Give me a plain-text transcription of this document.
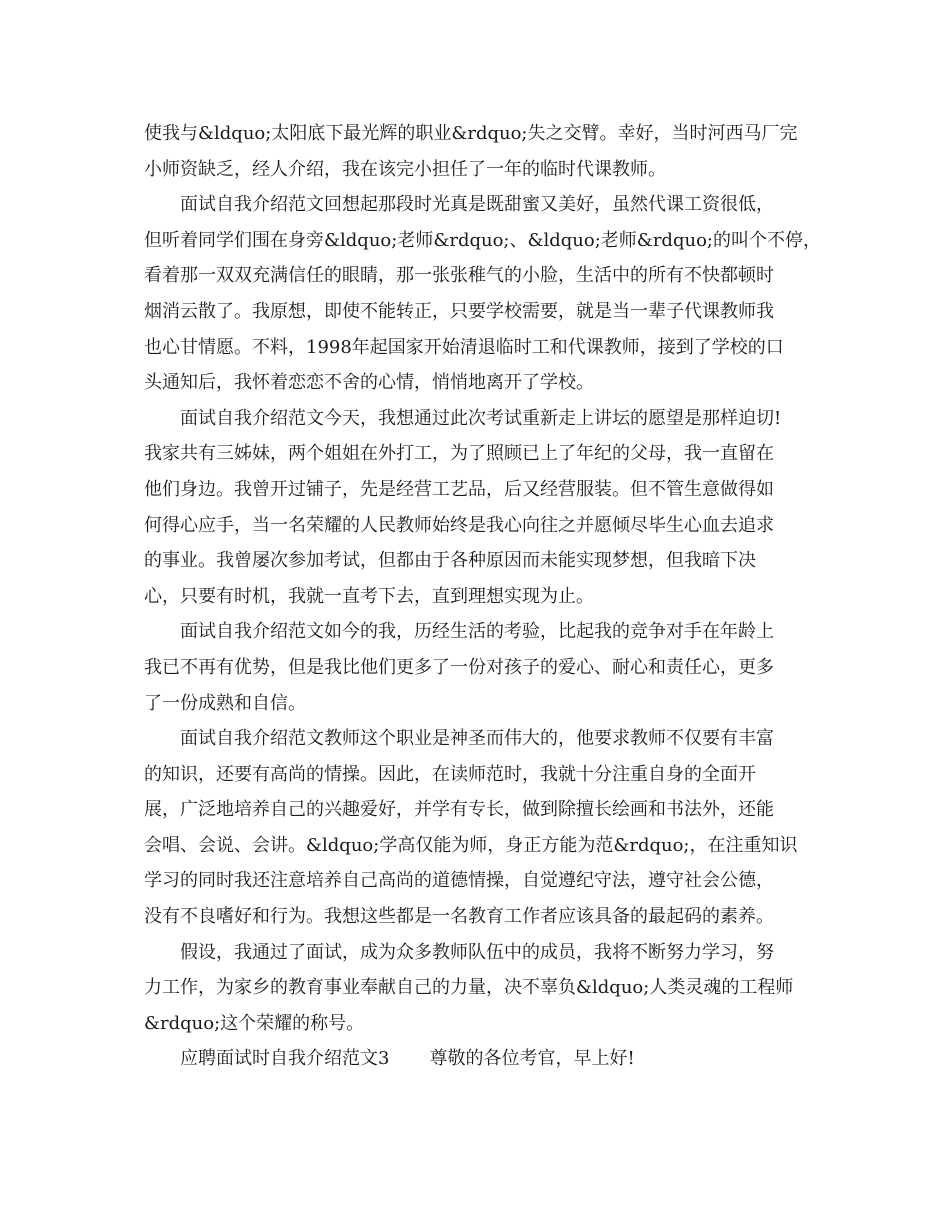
使我与&ldquo;太阳底下最光辉的职业&rdquo;失之交臂。幸好，当时河西马厂完
小师资缺乏，经人介绍，我在该完小担任了一年的临时代课教师。
面试自我介绍范文回想起那段时光真是既甜蜜又美好，虽然代课工资很低，
但听着同学们围在身旁&ldquo;老师&rdquo;、&ldquo;老师&rdquo;的叫个不停，
看着那一双双充满信任的眼睛，那一张张稚气的小脸，生活中的所有不快都顿时
烟消云散了。我原想，即使不能转正，只要学校需要，就是当一辈子代课教师我
也心甘情愿。不料，1998年起国家开始清退临时工和代课教师，接到了学校的口
头通知后，我怀着恋恋不舍的心情，悄悄地离开了学校。
面试自我介绍范文今天，我想通过此次考试重新走上讲坛的愿望是那样迫切!
我家共有三姊妹，两个姐姐在外打工，为了照顾已上了年纪的父母，我一直留在
他们身边。我曾开过铺子，先是经营工艺品，后又经营服装。但不管生意做得如
何得心应手，当一名荣耀的人民教师始终是我心向往之并愿倾尽毕生心血去追求
的事业。我曾屡次参加考试，但都由于各种原因而未能实现梦想，但我暗下决
心，只要有时机，我就一直考下去，直到理想实现为止。
面试自我介绍范文如今的我，历经生活的考验，比起我的竞争对手在年龄上
我已不再有优势，但是我比他们更多了一份对孩子的爱心、耐心和责任心，更多
了一份成熟和自信。
面试自我介绍范文教师这个职业是神圣而伟大的，他要求教师不仅要有丰富
的知识，还要有高尚的情操。因此，在读师范时，我就十分注重自身的全面开
展，广泛地培养自己的兴趣爱好，并学有专长，做到除擅长绘画和书法外，还能
会唱、会说、会讲。&ldquo;学高仅能为师，身正方能为范&rdquo;，在注重知识
学习的同时我还注意培养自己高尚的道德情操，自觉遵纪守法，遵守社会公德，
没有不良嗜好和行为。我想这些都是一名教育工作者应该具备的最起码的素养。
假设，我通过了面试，成为众多教师队伍中的成员，我将不断努力学习，努
力工作，为家乡的教育事业奉献自己的力量，决不辜负&ldquo;人类灵魂的工程师
&rdquo;这个荣耀的称号。
应聘面试时自我介绍范文3 尊敬的各位考官，早上好!
